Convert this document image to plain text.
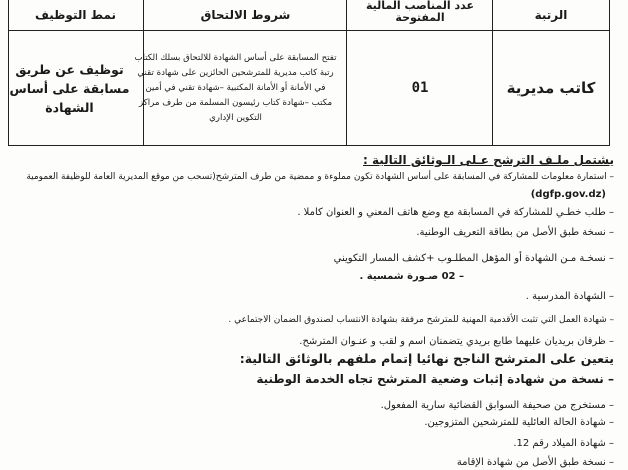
الرتبة
عدد المناصب المالية المفتوحة
شروط الالتحاق
نمط التوظيف
كاتب مديرية
01
تفتح المسابقة على أساس الشهادة للالتحاق بسلك الكتاب رتبة كاتب مديرية للمترشحين الحائزين على شهادة تقني في الأمانة أو الأمانة المكتبية –شهادة تقني في أمين مكتب –شهادة كتاب رئيسون المسلمة من طرف مراكز التكوين الإداري
توظيف عن طريق مسابقة على أساس الشهادة
يشتمل ملـف الترشح عـلى الـوثائق التالية :
– استمارة معلومات للمشاركة في المسابقة على أساس الشهادة تكون مملوءة و ممضية من طرف المترشح(تسحب من موقع المديرية العامة للوظيفة العمومية
(dgfp.gov.dz)
– طلب خطـي للمشاركة في المسابقة مع وضع هاتف المعني و العنوان كاملا .
– نسخة طبق الأصل من بطاقة التعريف الوطنية.
– نسخـة مـن الشهادة أو المؤهل المطلـوب +كشف المسار التكويني
– 02 صـورة شمسية .
– الشهادة المدرسية .
– شهادة العمل التي تثبت الأقدمية المهنية للمترشح مرفقة بشهادة الانتساب لصندوق الضمان الاجتماعي .
– ظرفان بريديان عليهما طابع بريدي يتضمنان اسم و لقب و عنـوان المترشح.
يتعين على المترشح الناجح نهائيا إتمام ملفهم بالوثائق التالية:
– نسخة من شهادة إثبات وضعية المترشح تجاه الخدمة الوطنية
– مستخرج من صحيفة السوابق القضائية سارية المفعول.
– شهادة الحالة العائلية للمترشحين المتزوجين.
– شهادة الميلاد رقم 12.
– نسخة طبق الأصل من شهادة الإقامة
